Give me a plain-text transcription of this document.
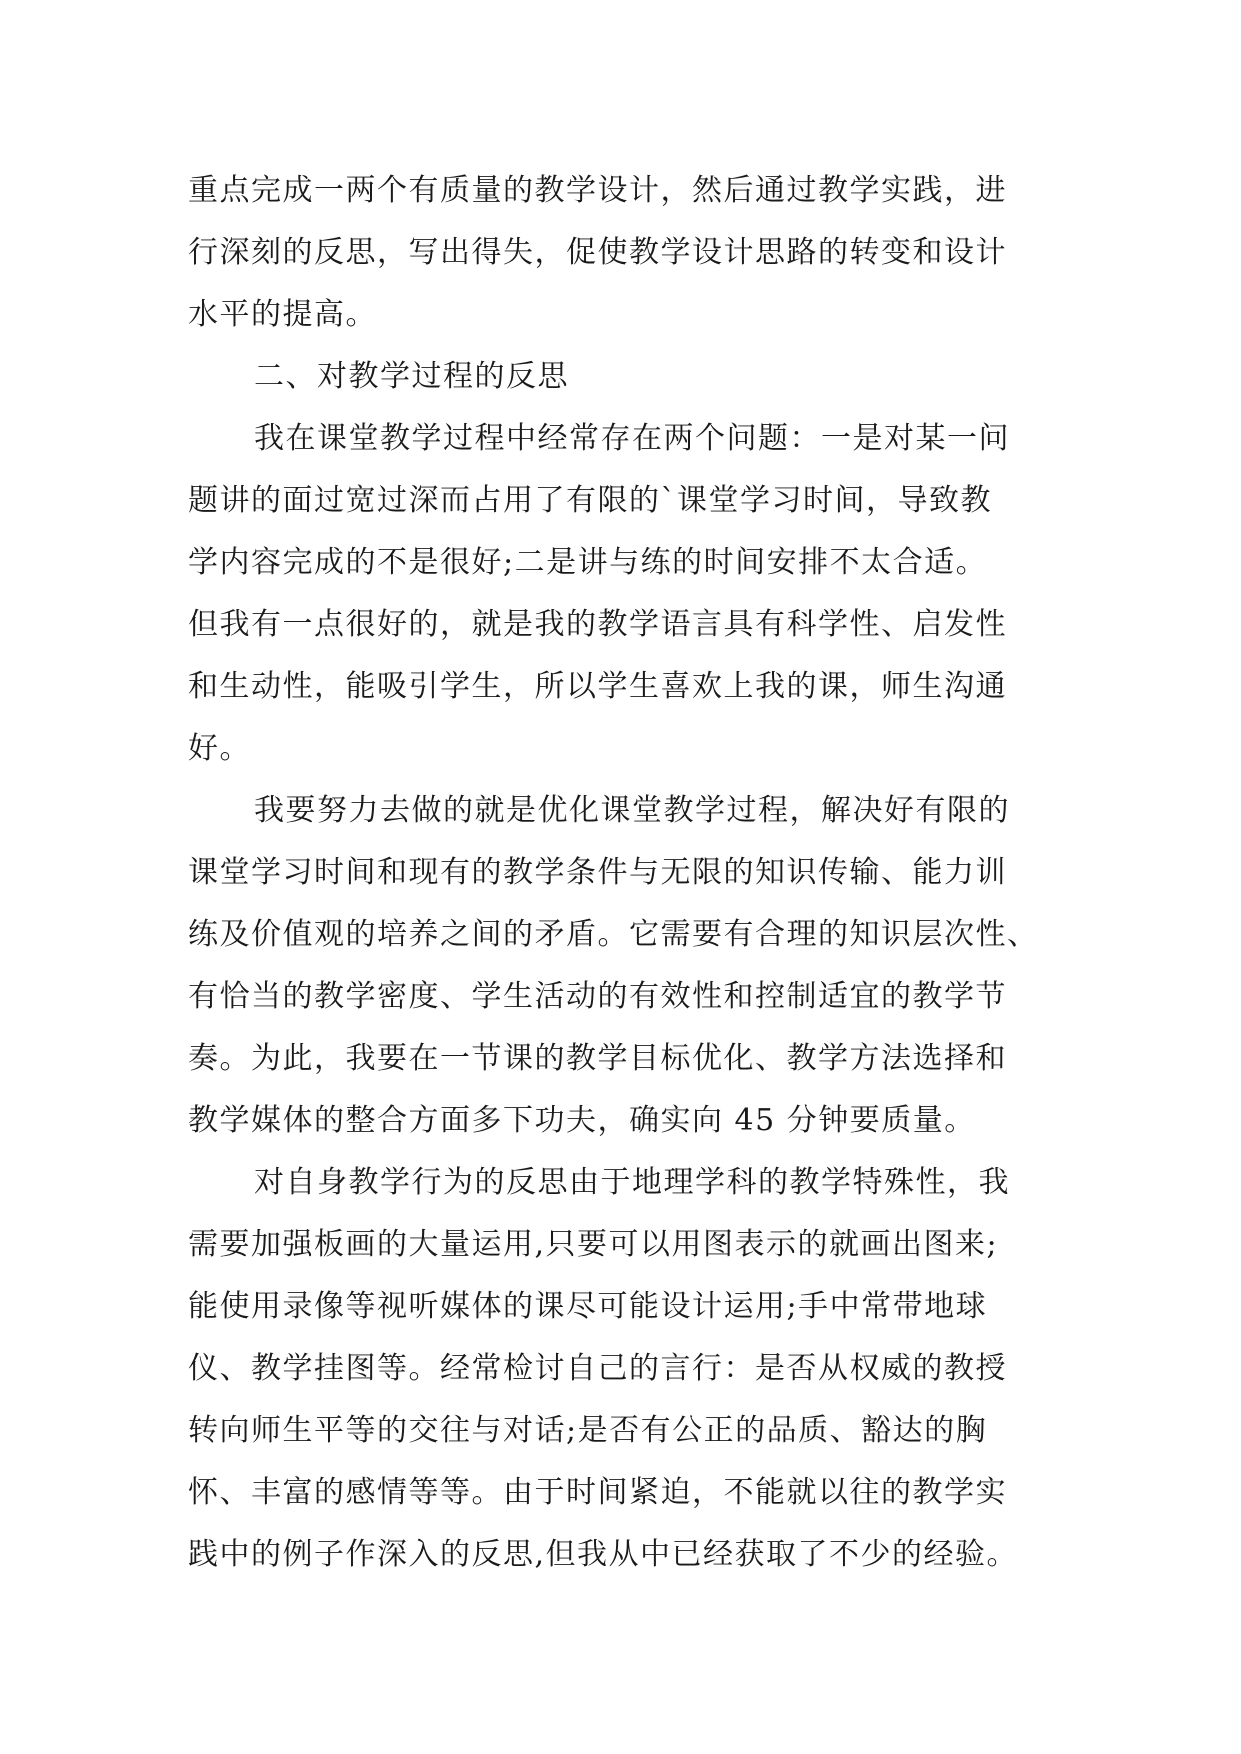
重点完成一两个有质量的教学设计，然后通过教学实践，进
行深刻的反思，写出得失，促使教学设计思路的转变和设计
水平的提高。
二、对教学过程的反思
我在课堂教学过程中经常存在两个问题：一是对某一问
题讲的面过宽过深而占用了有限的`课堂学习时间，导致教
学内容完成的不是很好;二是讲与练的时间安排不太合适。
但我有一点很好的，就是我的教学语言具有科学性、启发性
和生动性，能吸引学生，所以学生喜欢上我的课，师生沟通
好。
我要努力去做的就是优化课堂教学过程，解决好有限的
课堂学习时间和现有的教学条件与无限的知识传输、能力训
练及价值观的培养之间的矛盾。它需要有合理的知识层次性、
有恰当的教学密度、学生活动的有效性和控制适宜的教学节
奏。为此，我要在一节课的教学目标优化、教学方法选择和
教学媒体的整合方面多下功夫，确实向 45 分钟要质量。
对自身教学行为的反思由于地理学科的教学特殊性，我
需要加强板画的大量运用,只要可以用图表示的就画出图来;
能使用录像等视听媒体的课尽可能设计运用;手中常带地球
仪、教学挂图等。经常检讨自己的言行：是否从权威的教授
转向师生平等的交往与对话;是否有公正的品质、豁达的胸
怀、丰富的感情等等。由于时间紧迫，不能就以往的教学实
践中的例子作深入的反思,但我从中已经获取了不少的经验。
